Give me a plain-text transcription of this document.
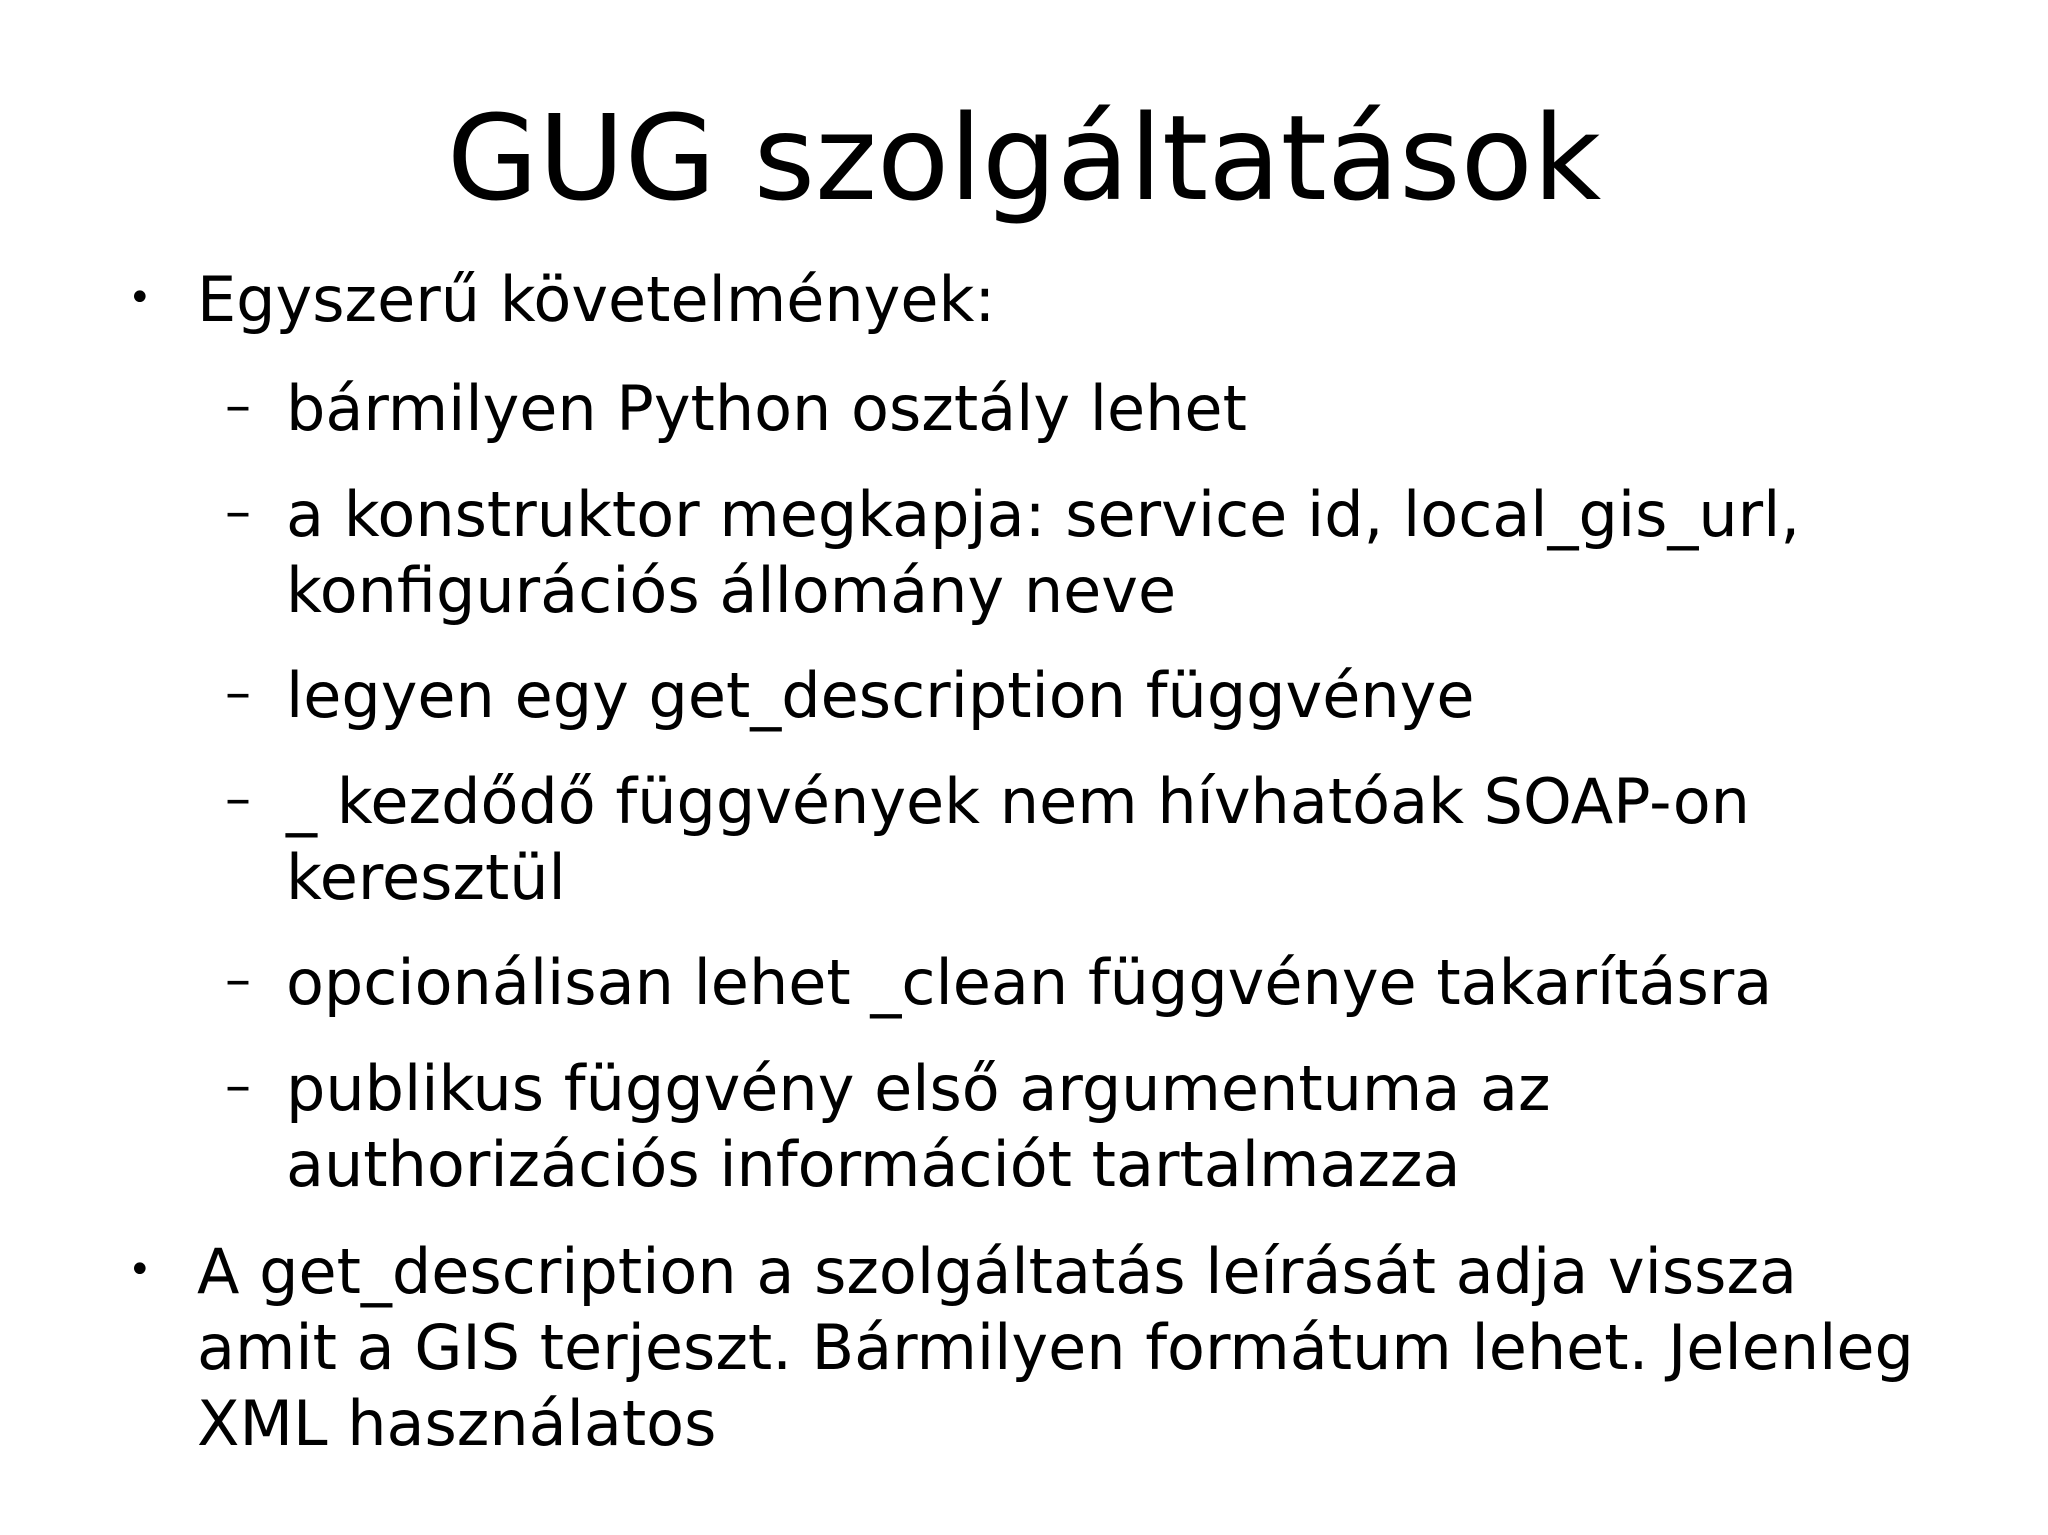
GUG szolgáltatások
• Egyszerű követelmények:
– bármilyen Python osztály lehet
– a konstruktor megkapja: service id, local_gis_url,
konfigurációs állomány neve
– legyen egy get_description függvénye
– _ kezdődő függvények nem hívhatóak SOAP-on
keresztül
– opcionálisan lehet _clean függvénye takarításra
– publikus függvény első argumentuma az
authorizációs információt tartalmazza
• A get_description a szolgáltatás leírását adja vissza
amit a GIS terjeszt. Bármilyen formátum lehet. Jelenleg
XML használatos
